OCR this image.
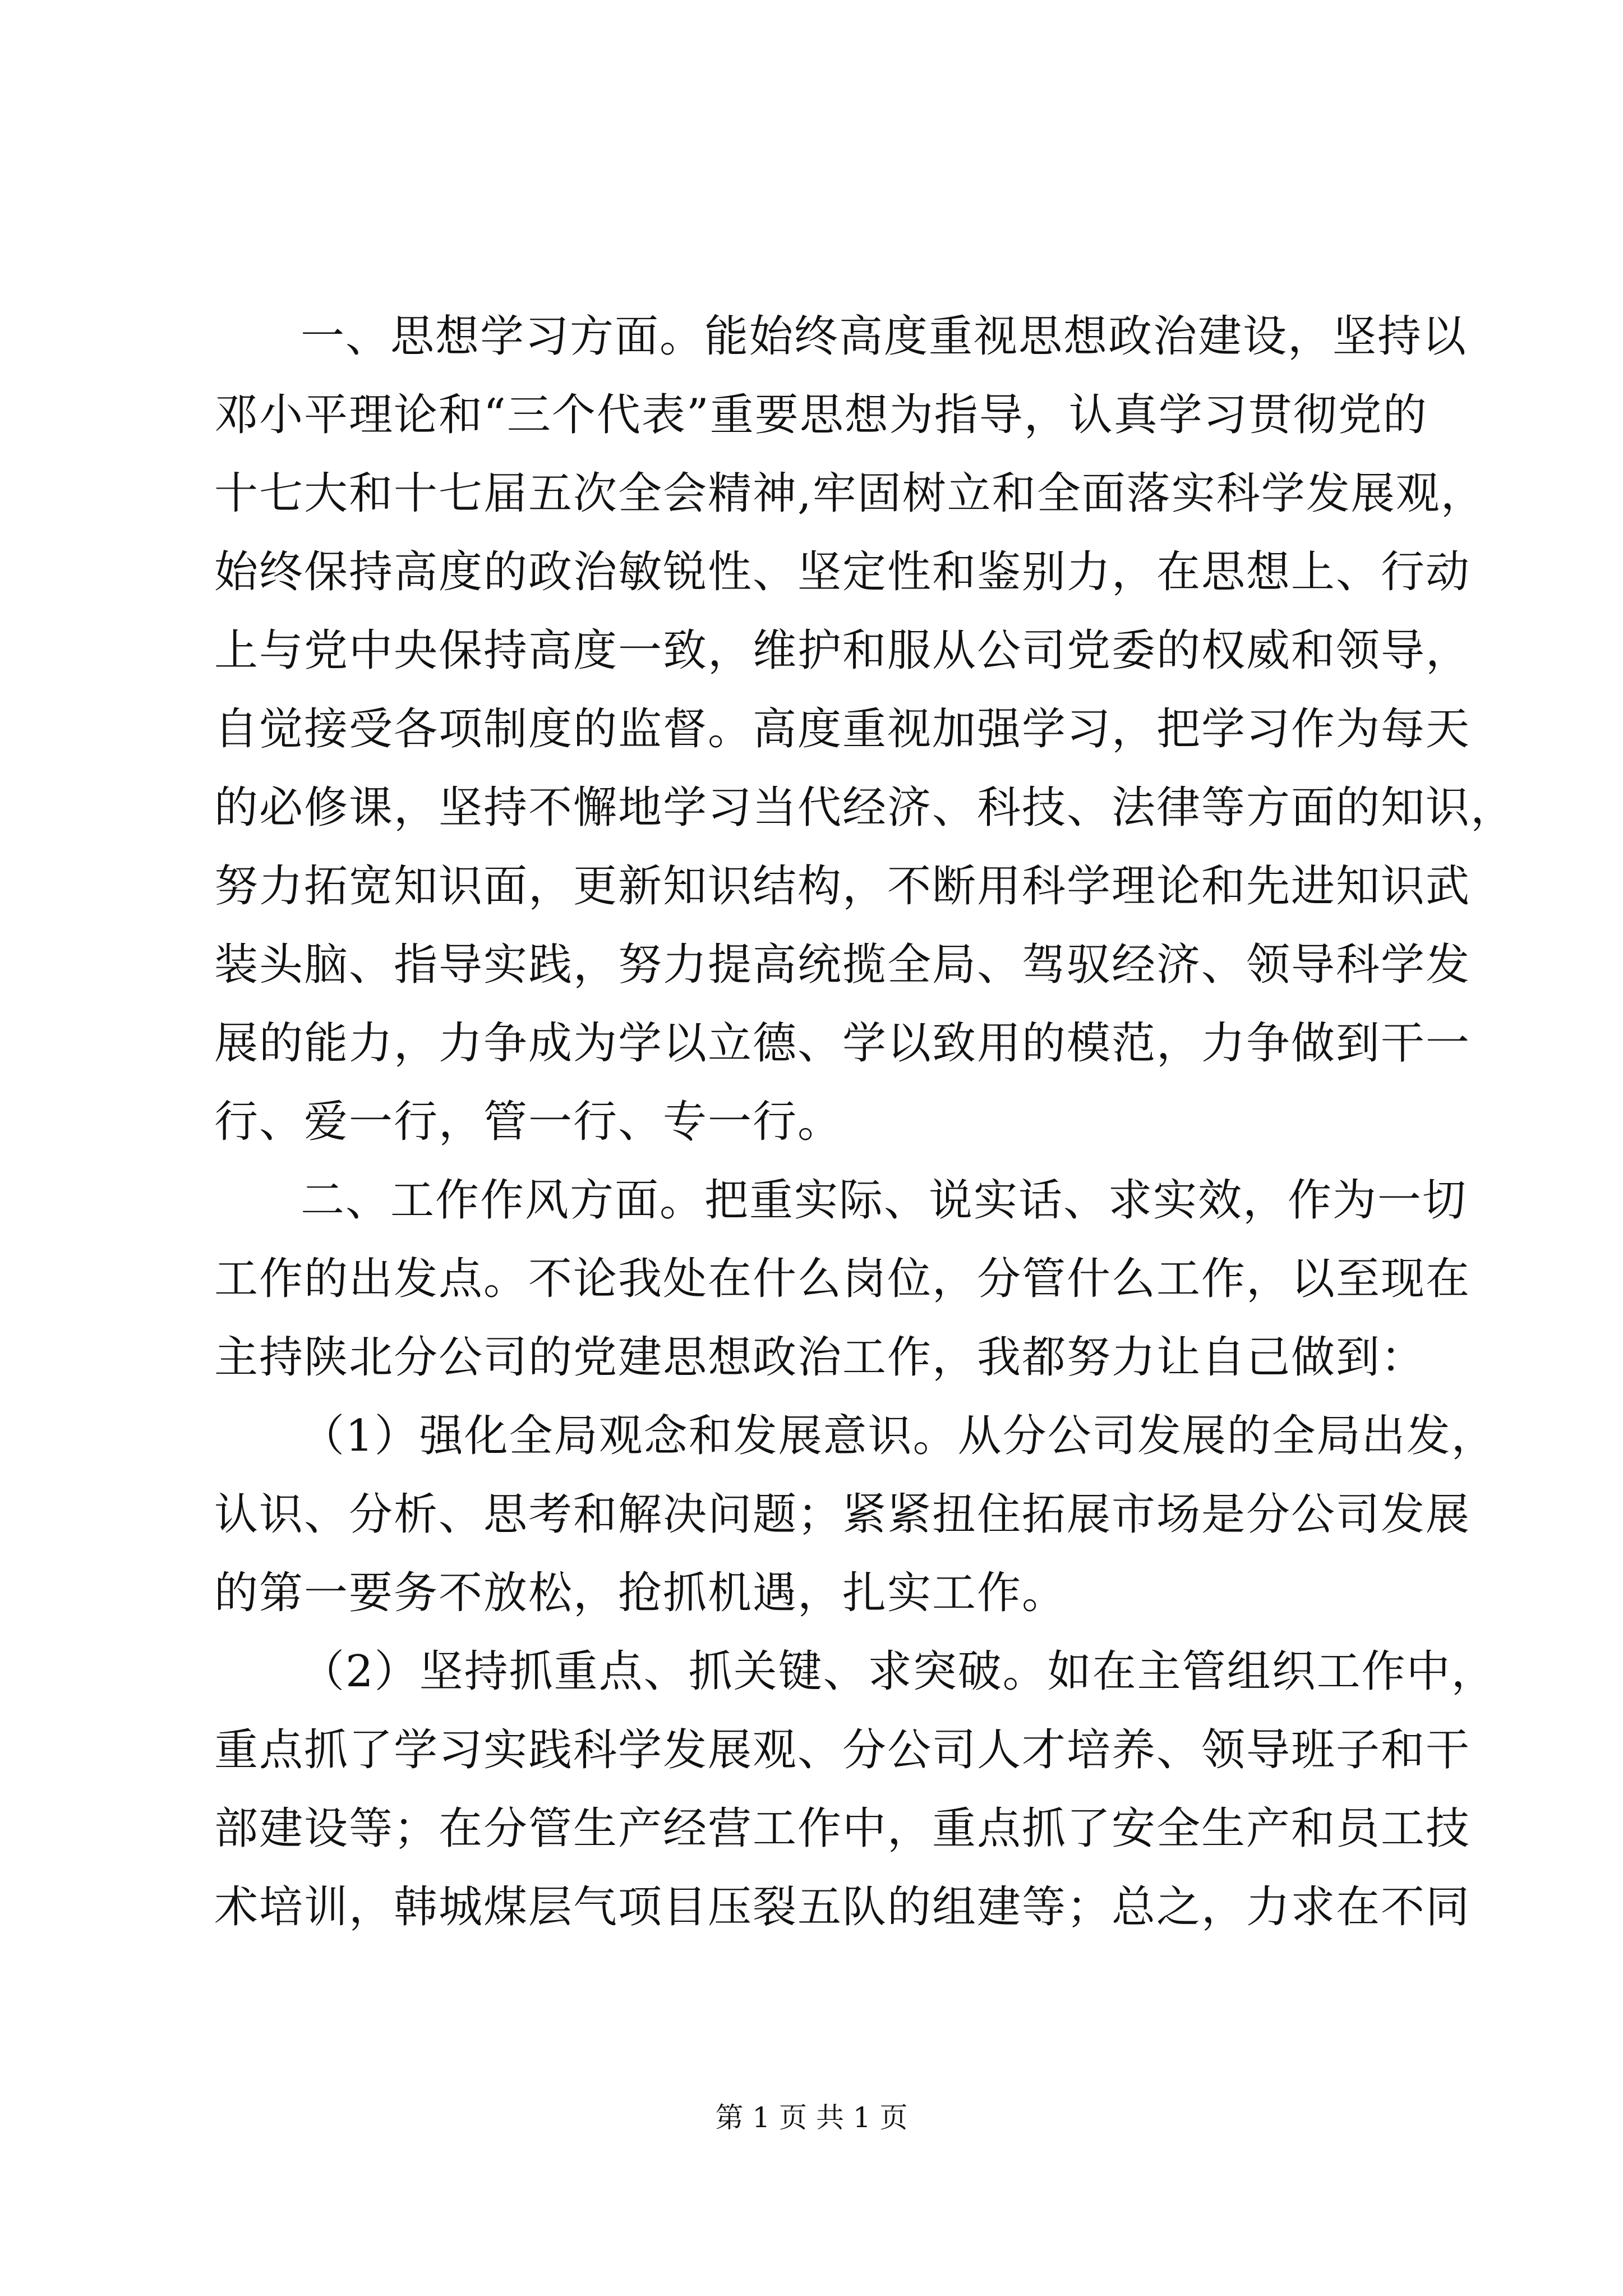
一、思想学习方面。能始终高度重视思想政治建设，坚持以
邓小平理论和“三个代表”重要思想为指导，认真学习贯彻党的
十七大和十七届五次全会精神,牢固树立和全面落实科学发展观，
始终保持高度的政治敏锐性、坚定性和鉴别力，在思想上、行动
上与党中央保持高度一致，维护和服从公司党委的权威和领导，
自觉接受各项制度的监督。高度重视加强学习，把学习作为每天
的必修课，坚持不懈地学习当代经济、科技、法律等方面的知识，
努力拓宽知识面，更新知识结构，不断用科学理论和先进知识武
装头脑、指导实践，努力提高统揽全局、驾驭经济、领导科学发
展的能力，力争成为学以立德、学以致用的模范，力争做到干一
行、爱一行，管一行、专一行。
二、工作作风方面。把重实际、说实话、求实效，作为一切
工作的出发点。不论我处在什么岗位，分管什么工作，以至现在
主持陕北分公司的党建思想政治工作，我都努力让自己做到：
（1）强化全局观念和发展意识。从分公司发展的全局出发，
认识、分析、思考和解决问题；紧紧扭住拓展市场是分公司发展
的第一要务不放松，抢抓机遇，扎实工作。
（2）坚持抓重点、抓关键、求突破。如在主管组织工作中，
重点抓了学习实践科学发展观、分公司人才培养、领导班子和干
部建设等；在分管生产经营工作中，重点抓了安全生产和员工技
术培训，韩城煤层气项目压裂五队的组建等；总之，力求在不同
第 1 页 共 1 页
